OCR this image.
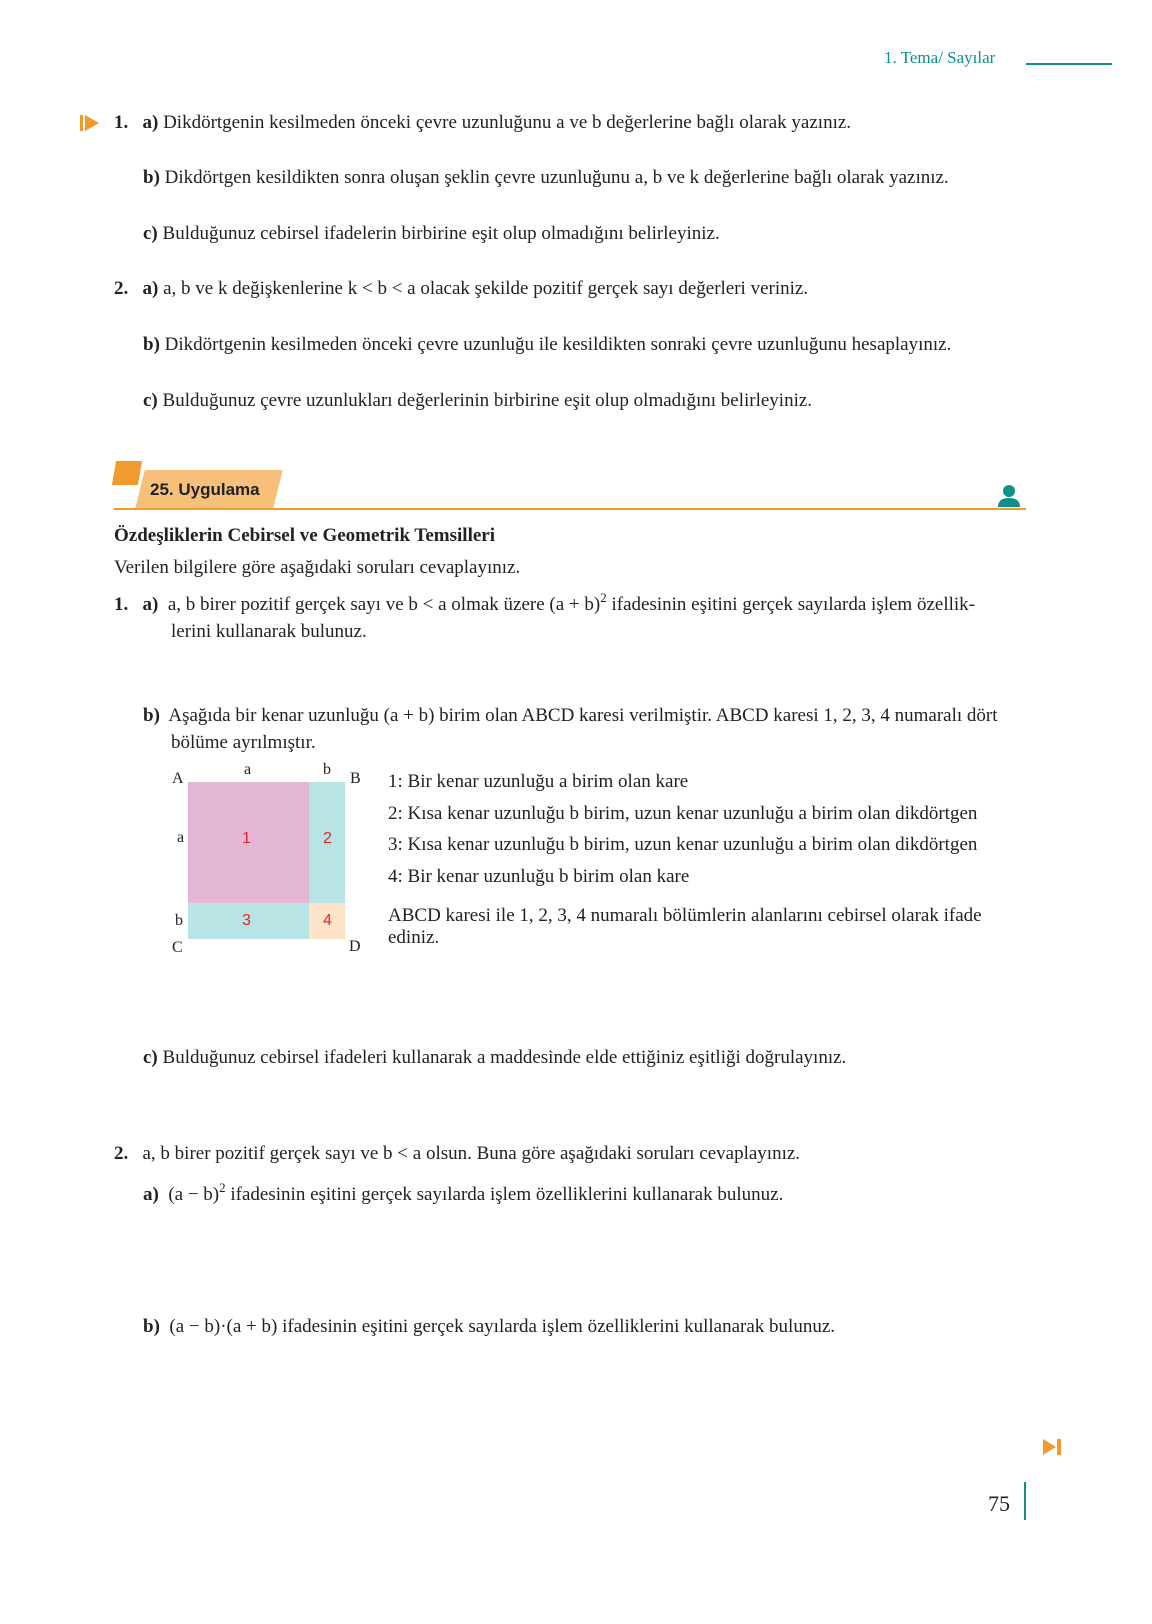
1. Tema/ Sayılar
1. a) Dikdörtgenin kesilmeden önceki çevre uzunluğunu a ve b değerlerine bağlı olarak yazınız.
b) Dikdörtgen kesildikten sonra oluşan şeklin çevre uzunluğunu a, b ve k değerlerine bağlı olarak yazınız.
c) Bulduğunuz cebirsel ifadelerin birbirine eşit olup olmadığını belirleyiniz.
2. a) a, b ve k değişkenlerine k < b < a olacak şekilde pozitif gerçek sayı değerleri veriniz.
b) Dikdörtgenin kesilmeden önceki çevre uzunluğu ile kesildikten sonraki çevre uzunluğunu hesaplayınız.
c) Bulduğunuz çevre uzunlukları değerlerinin birbirine eşit olup olmadığını belirleyiniz.
25. Uygulama
Özdeşliklerin Cebirsel ve Geometrik Temsilleri
Verilen bilgilere göre aşağıdaki soruları cevaplayınız.
1. a) a, b birer pozitif gerçek sayı ve b < a olmak üzere $(a + b)^2$ ifadesinin eşitini gerçek sayılarda işlem özellik-
lerini kullanarak bulunuz.
b) Aşağıda bir kenar uzunluğu (a + b) birim olan ABCD karesi verilmiştir. ABCD karesi 1, 2, 3, 4 numaralı dört
bölüme ayrılmıştır.
1	2
3	4
A	B
C	D
a	b
a
b
1: Bir kenar uzunluğu a birim olan kare
2: Kısa kenar uzunluğu b birim, uzun kenar uzunluğu a birim olan dikdörtgen
3: Kısa kenar uzunluğu b birim, uzun kenar uzunluğu a birim olan dikdörtgen
4: Bir kenar uzunluğu b birim olan kare
ABCD karesi ile 1, 2, 3, 4 numaralı bölümlerin alanlarını cebirsel olarak ifade
ediniz.
c) Bulduğunuz cebirsel ifadeleri kullanarak a maddesinde elde ettiğiniz eşitliği doğrulayınız.
2. a, b birer pozitif gerçek sayı ve b < a olsun. Buna göre aşağıdaki soruları cevaplayınız.
a) $(a - b)^2$ ifadesinin eşitini gerçek sayılarda işlem özelliklerini kullanarak bulunuz.
b) (a − b)·(a + b) ifadesinin eşitini gerçek sayılarda işlem özelliklerini kullanarak bulunuz.
75
